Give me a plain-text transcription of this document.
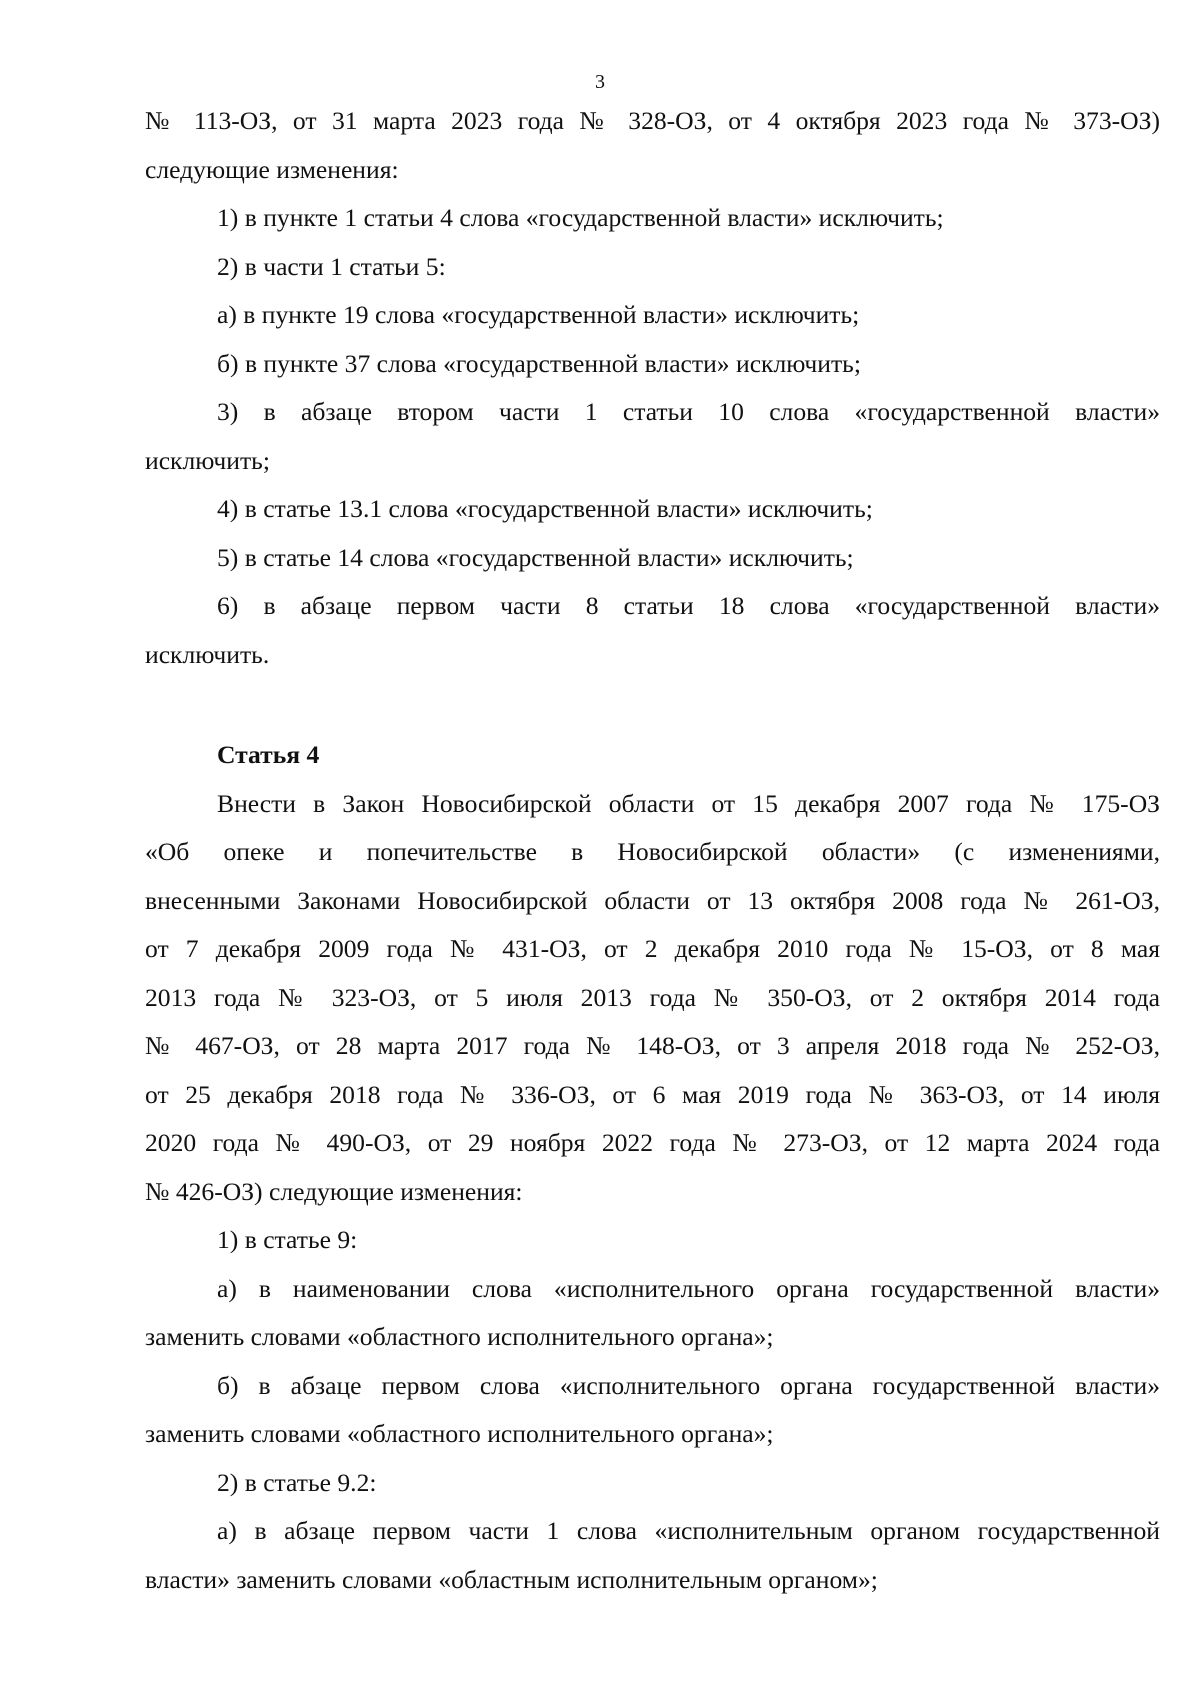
3
№ 113-ОЗ, от 31 марта 2023 года № 328-ОЗ, от 4 октября 2023 года № 373-ОЗ)
следующие изменения:
1) в пункте 1 статьи 4 слова «государственной власти» исключить;
2) в части 1 статьи 5:
а) в пункте 19 слова «государственной власти» исключить;
б) в пункте 37 слова «государственной власти» исключить;
3) в абзаце втором части 1 статьи 10 слова «государственной власти»
исключить;
4) в статье 13.1 слова «государственной власти» исключить;
5) в статье 14 слова «государственной власти» исключить;
6) в абзаце первом части 8 статьи 18 слова «государственной власти»
исключить.
Статья 4
Внести в Закон Новосибирской области от 15 декабря 2007 года № 175-ОЗ
«Об опеке и попечительстве в Новосибирской области» (с изменениями,
внесенными Законами Новосибирской области от 13 октября 2008 года № 261-ОЗ,
от 7 декабря 2009 года № 431-ОЗ, от 2 декабря 2010 года № 15-ОЗ, от 8 мая
2013 года № 323-ОЗ, от 5 июля 2013 года № 350-ОЗ, от 2 октября 2014 года
№ 467-ОЗ, от 28 марта 2017 года № 148-ОЗ, от 3 апреля 2018 года № 252-ОЗ,
от 25 декабря 2018 года № 336-ОЗ, от 6 мая 2019 года № 363-ОЗ, от 14 июля
2020 года № 490-ОЗ, от 29 ноября 2022 года № 273-ОЗ, от 12 марта 2024 года
№ 426-ОЗ) следующие изменения:
1) в статье 9:
а) в наименовании слова «исполнительного органа государственной власти»
заменить словами «областного исполнительного органа»;
б) в абзаце первом слова «исполнительного органа государственной власти»
заменить словами «областного исполнительного органа»;
2) в статье 9.2:
а) в абзаце первом части 1 слова «исполнительным органом государственной
власти» заменить словами «областным исполнительным органом»;
